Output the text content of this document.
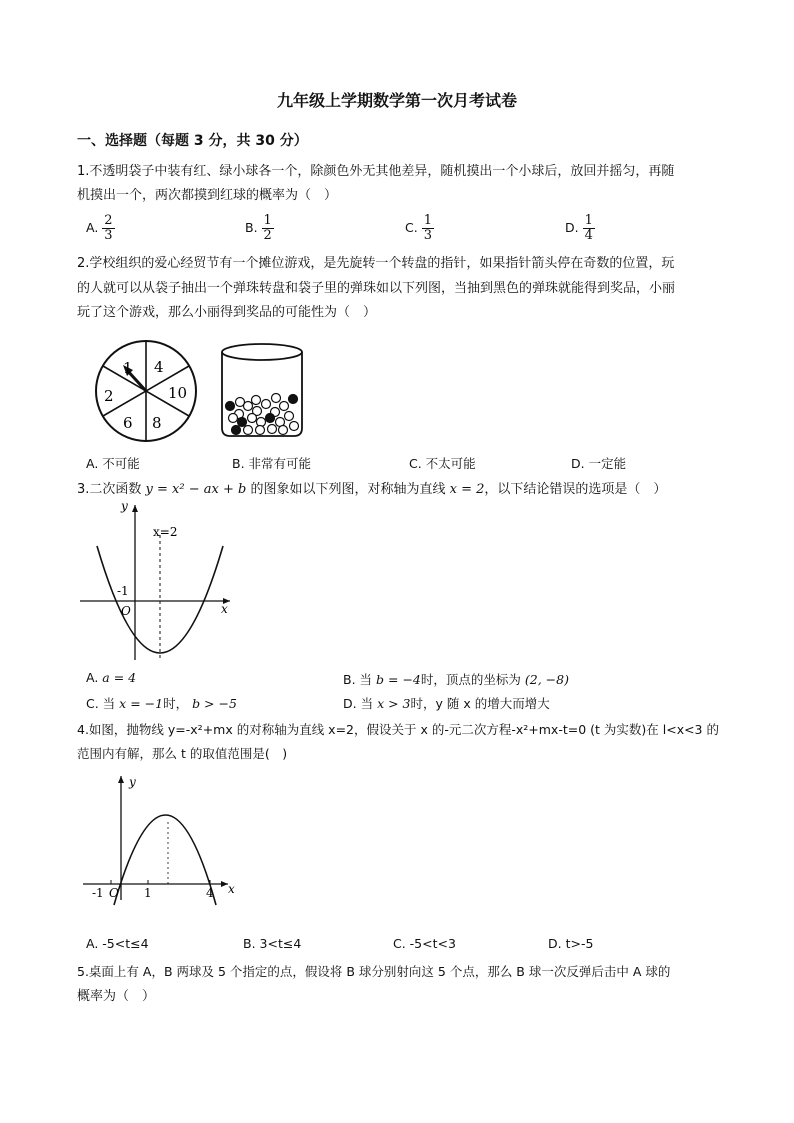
九年级上学期数学第一次月考试卷
一、选择题（每题 3 分，共 30 分）
1.不透明袋子中装有红、绿小球各一个，除颜色外无其他差异，随机摸出一个小球后，放回并摇匀，再随
机摸出一个，两次都摸到红球的概率为（　）
A. $\frac{2}{3}$	B. $\frac{1}{2}$	C. $\frac{1}{3}$	D. $\frac{1}{4}$
2.学校组织的爱心经贸节有一个摊位游戏，是先旋转一个转盘的指针，如果指针箭头停在奇数的位置，玩
的人就可以从袋子抽出一个弹珠转盘和袋子里的弹珠如以下列图，当抽到黑色的弹珠就能得到奖品，小丽
玩了这个游戏，那么小丽得到奖品的可能性为（　）
1 4
10
8
6
2
A. 不可能	B. 非常有可能	C. 不太可能	D. 一定能
3.二次函数 y = x² − ax + b 的图象如以下列图，对称轴为直线 x = 2，以下结论错误的选项是（　）
y
x
O
-1
x=2
A. a = 4	B. 当 b = −4时，顶点的坐标为 (2, −8)
C. 当 x = −1时， b > −5	D. 当 x > 3时，y 随 x 的增大而增大
4.如图，抛物线 y=-x²+mx 的对称轴为直线 x=2，假设关于 x 的-元二次方程-x²+mx-t=0 (t 为实数)在 l<x<3 的
范围内有解，那么 t 的取值范围是(　)
y
x
-1 O 1	4
A. -5<t≤4	B. 3<t≤4	C. -5<t<3	D. t>-5
5.桌面上有 A，B 两球及 5 个指定的点，假设将 B 球分别射向这 5 个点，那么 B 球一次反弹后击中 A 球的
概率为（　）
